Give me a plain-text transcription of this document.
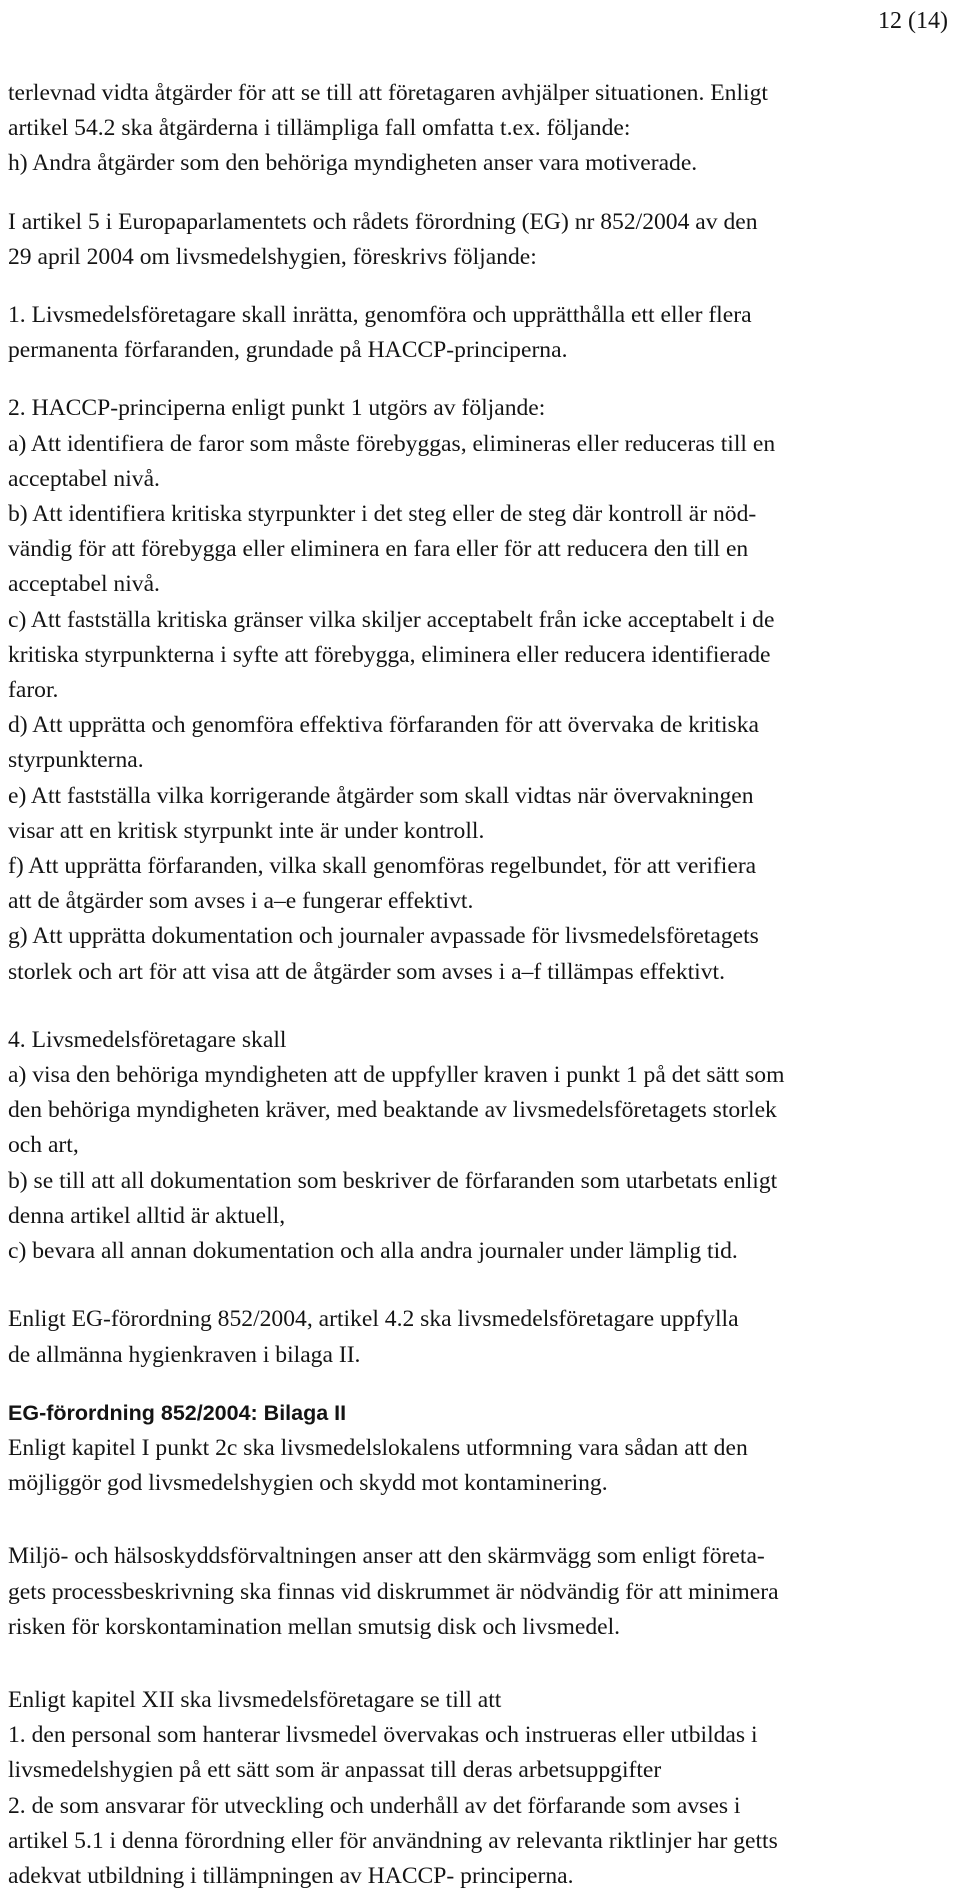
12 (14)

terlevnad vidta åtgärder för att se till att företagaren avhjälper situationen. Enligt
artikel 54.2 ska åtgärderna i tillämpliga fall omfatta t.ex. följande:
h) Andra åtgärder som den behöriga myndigheten anser vara motiverade.

I artikel 5 i Europaparlamentets och rådets förordning (EG) nr 852/2004 av den
29 april 2004 om livsmedelshygien, föreskrivs följande:

1. Livsmedelsföretagare skall inrätta, genomföra och upprätthålla ett eller flera
permanenta förfaranden, grundade på HACCP-principerna.

2. HACCP-principerna enligt punkt 1 utgörs av följande:
a) Att identifiera de faror som måste förebyggas, elimineras eller reduceras till en
acceptabel nivå.
b) Att identifiera kritiska styrpunkter i det steg eller de steg där kontroll är nöd-
vändig för att förebygga eller eliminera en fara eller för att reducera den till en
acceptabel nivå.
c) Att fastställa kritiska gränser vilka skiljer acceptabelt från icke acceptabelt i de
kritiska styrpunkterna i syfte att förebygga, eliminera eller reducera identifierade
faror.
d) Att upprätta och genomföra effektiva förfaranden för att övervaka de kritiska
styrpunkterna.
e) Att fastställa vilka korrigerande åtgärder som skall vidtas när övervakningen
visar att en kritisk styrpunkt inte är under kontroll.
f) Att upprätta förfaranden, vilka skall genomföras regelbundet, för att verifiera
att de åtgärder som avses i a–e fungerar effektivt.
g) Att upprätta dokumentation och journaler avpassade för livsmedelsföretagets
storlek och art för att visa att de åtgärder som avses i a–f tillämpas effektivt.

4. Livsmedelsföretagare skall
a) visa den behöriga myndigheten att de uppfyller kraven i punkt 1 på det sätt som
den behöriga myndigheten kräver, med beaktande av livsmedelsföretagets storlek
och art,
b) se till att all dokumentation som beskriver de förfaranden som utarbetats enligt
denna artikel alltid är aktuell,
c) bevara all annan dokumentation och alla andra journaler under lämplig tid.

Enligt EG-förordning 852/2004, artikel 4.2 ska livsmedelsföretagare uppfylla
de allmänna hygienkraven i bilaga II.

EG-förordning 852/2004: Bilaga II

Enligt kapitel I punkt 2c ska livsmedelslokalens utformning vara sådan att den
möjliggör god livsmedelshygien och skydd mot kontaminering.

Miljö- och hälsoskyddsförvaltningen anser att den skärmvägg som enligt företa-
gets processbeskrivning ska finnas vid diskrummet är nödvändig för att minimera
risken för korskontamination mellan smutsig disk och livsmedel.

Enligt kapitel XII ska livsmedelsföretagare se till att
1. den personal som hanterar livsmedel övervakas och instrueras eller utbildas i
livsmedelshygien på ett sätt som är anpassat till deras arbetsuppgifter
2. de som ansvarar för utveckling och underhåll av det förfarande som avses i
artikel 5.1 i denna förordning eller för användning av relevanta riktlinjer har getts
adekvat utbildning i tillämpningen av HACCP- principerna.
